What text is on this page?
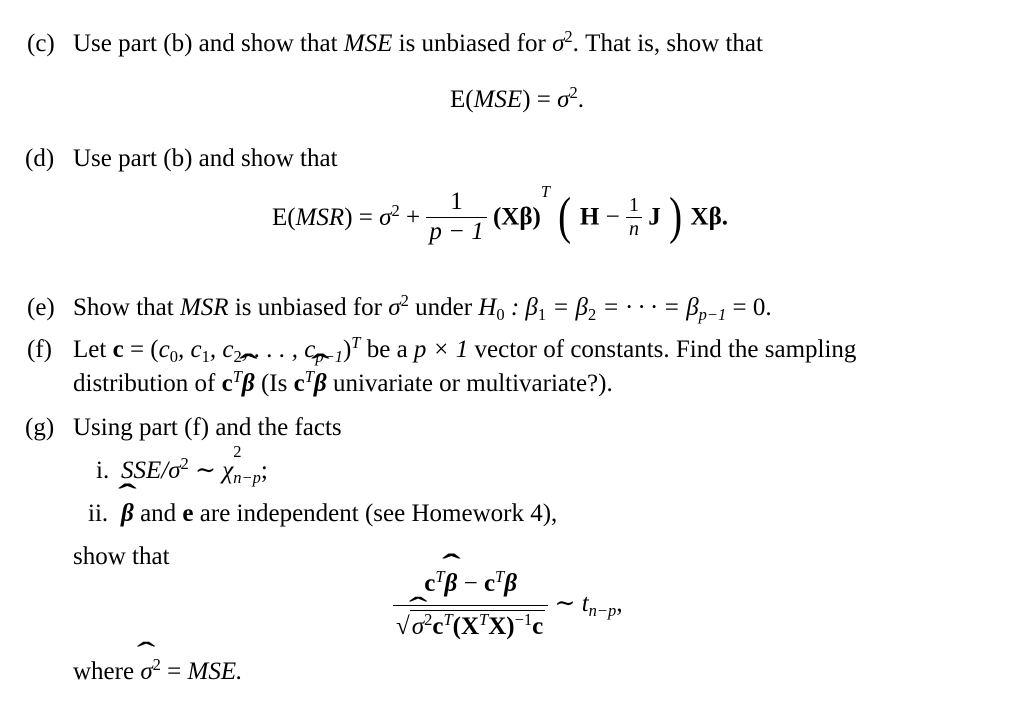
(c) Use part (b) and show that MSE is unbiased for $\sigma^2$. That is, show that
$E(MSE) = \sigma^2$.
(d) Use part (b) and show that
$E(MSR) = \sigma^2 + \frac{1}{p - 1} (X\beta)^T$ ( $H - \frac{1}{n}$ J ) Xβ.
(e) Show that MSR is unbiased for $\sigma^2$ under $H_0$ : $\beta_1 = \beta_2$ = · · · = $\beta_{p-1} = 0$.
(f) Let $c = (c_0$, $c_1$, $c_2$, . . . , $c_{p-1})^T$ be a p × 1 vector of constants. Find the sampling
distribution of $c^T\beta$ ˆ (Is $c^T\beta$ ˆ univariate or multivariate?).
(g) Using part (f) and the facts
i. SSE/$\sigma^2$ ∼ χ
2
$_{n-p}$;
ii. β ˆ and e are independent (see Homework 4),
show that
$\frac{c^T\beta ˆ - c^T\beta}{√\sigma ˆ^2c^T(X^TX)^{-1}c}$ ∼ $t_{n-p}$,
where σ ˆ$^2$ = MSE.
